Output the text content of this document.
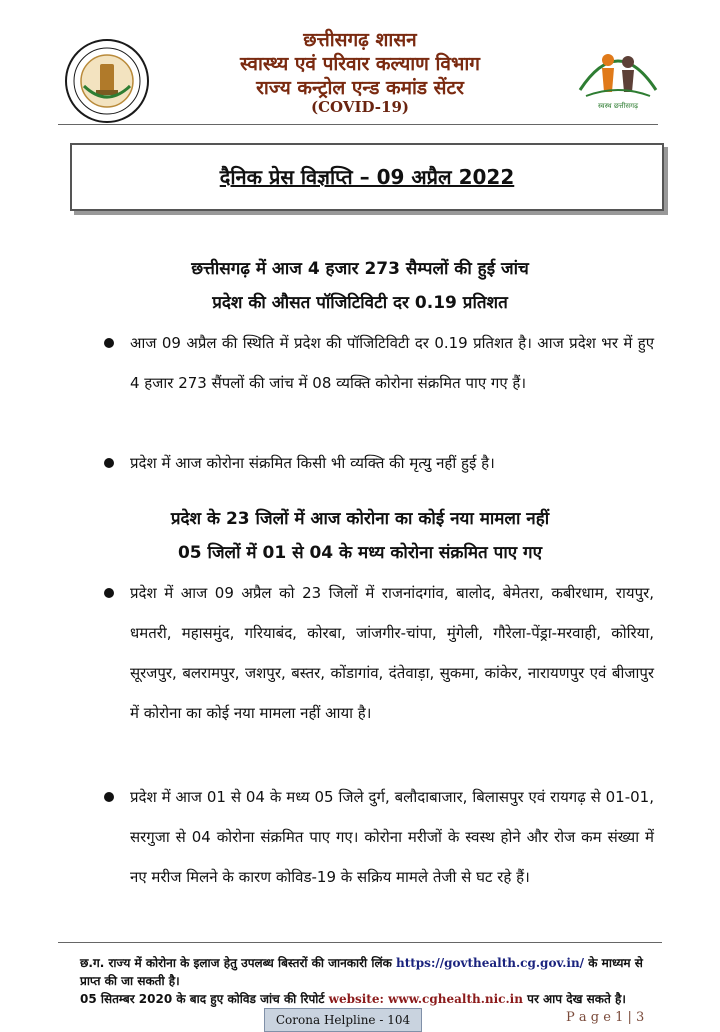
स्वस्थ छत्तीसगढ़
छत्तीसगढ़ शासन
स्वास्थ्य एवं परिवार कल्याण विभाग
राज्य कन्ट्रोल एन्ड कमांड सेंटर
(COVID-19)
दैनिक प्रेस विज्ञप्ति – 09 अप्रैल 2022
छत्तीसगढ़ में आज 4 हजार 273 सैम्पलों की हुई जांच
प्रदेश की औसत पॉजिटिविटी दर 0.19 प्रतिशत
आज 09 अप्रैल की स्थिति में प्रदेश की पॉजिटिविटी दर 0.19 प्रतिशत है। आज प्रदेश भर में हुए 4 हजार 273 सैंपलों की जांच में 08 व्यक्ति कोरोना संक्रमित पाए गए हैं।
प्रदेश में आज कोरोना संक्रमित किसी भी व्यक्ति की मृत्यु नहीं हुई है।
प्रदेश के 23 जिलों में आज कोरोना का कोई नया मामला नहीं
05 जिलों में 01 से 04 के मध्य कोरोना संक्रमित पाए गए
प्रदेश में आज 09 अप्रैल को 23 जिलों में राजनांदगांव, बालोद, बेमेतरा, कबीरधाम, रायपुर, धमतरी, महासमुंद, गरियाबंद, कोरबा, जांजगीर-चांपा, मुंगेली, गौरेला-पेंड्रा-मरवाही, कोरिया, सूरजपुर, बलरामपुर, जशपुर, बस्तर, कोंडागांव, दंतेवाड़ा, सुकमा, कांकेर, नारायणपुर एवं बीजापुर में कोरोना का कोई नया मामला नहीं आया है।
प्रदेश में आज 01 से 04 के मध्य 05 जिले दुर्ग, बलौदाबाजार, बिलासपुर एवं रायगढ़ से 01-01, सरगुजा से 04 कोरोना संक्रमित पाए गए। कोरोना मरीजों के स्वस्थ होने और रोज कम संख्या में नए मरीज मिलने के कारण कोविड-19 के सक्रिय मामले तेजी से घट रहे हैं।
छ.ग. राज्य में कोरोना के इलाज हेतु उपलब्ध बिस्तरों की जानकारी लिंक https://govthealth.cg.gov.in/ के माध्यम से प्राप्त की जा सकती है।
05 सितम्बर 2020 के बाद हुए कोविड जांच की रिपोर्ट website: www.cghealth.nic.in पर आप देख सकते है।
Corona Helpline - 104	P a g e 1 | 3
